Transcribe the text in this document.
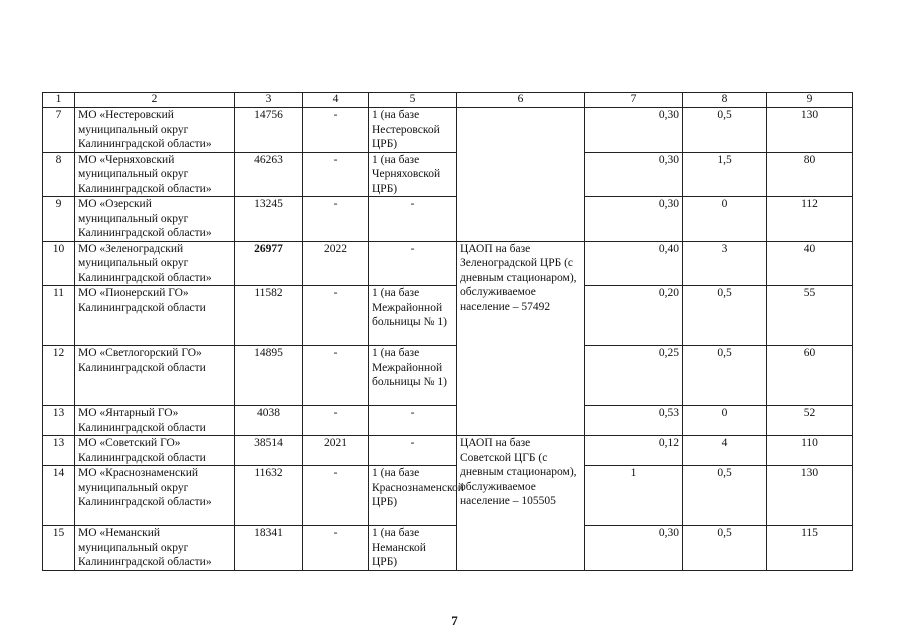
1	2	3	4	5	6	7	8	9
7	МО «Нестеровский муниципальный округ Калининградской области»	14756	-	1 (на базе Нестеровской ЦРБ)		0,30	0,5	130
8	МО «Черняховский муниципальный округ Калининградской области»	46263	-	1 (на базе Черняховской ЦРБ)		0,30	1,5	80
9	МО «Озерский муниципальный округ Калининградской области»	13245	-	-		0,30	0	112
10	МО «Зеленоградский муниципальный округ Калининградской области»	26977	2022	-	ЦАОП на базе Зеленоградской ЦРБ (с дневным стационаром), обслуживаемое население – 57492	0,40	3	40
11	МО «Пионерский ГО» Калининградской области	11582	-	1 (на базе Межрайонной больницы № 1)		0,20	0,5	55
12	МО «Светлогорский ГО» Калининградской области	14895	-	1 (на базе Межрайонной больницы № 1)		0,25	0,5	60
13	МО «Янтарный ГО» Калининградской области	4038	-	-		0,53	0	52
13	МО «Советский ГО» Калининградской области	38514	2021	-	ЦАОП на базе Советской ЦГБ (с дневным стационаром), обслуживаемое население – 105505	0,12	4	110
14	МО «Краснознаменский муниципальный округ Калининградской области»	11632	-	1 (на базе Краснознаменской ЦРБ)		1	0,5	130
15	МО «Неманский муниципальный округ Калининградской области»	18341	-	1 (на базе Неманской ЦРБ)		0,30	0,5	115
7
